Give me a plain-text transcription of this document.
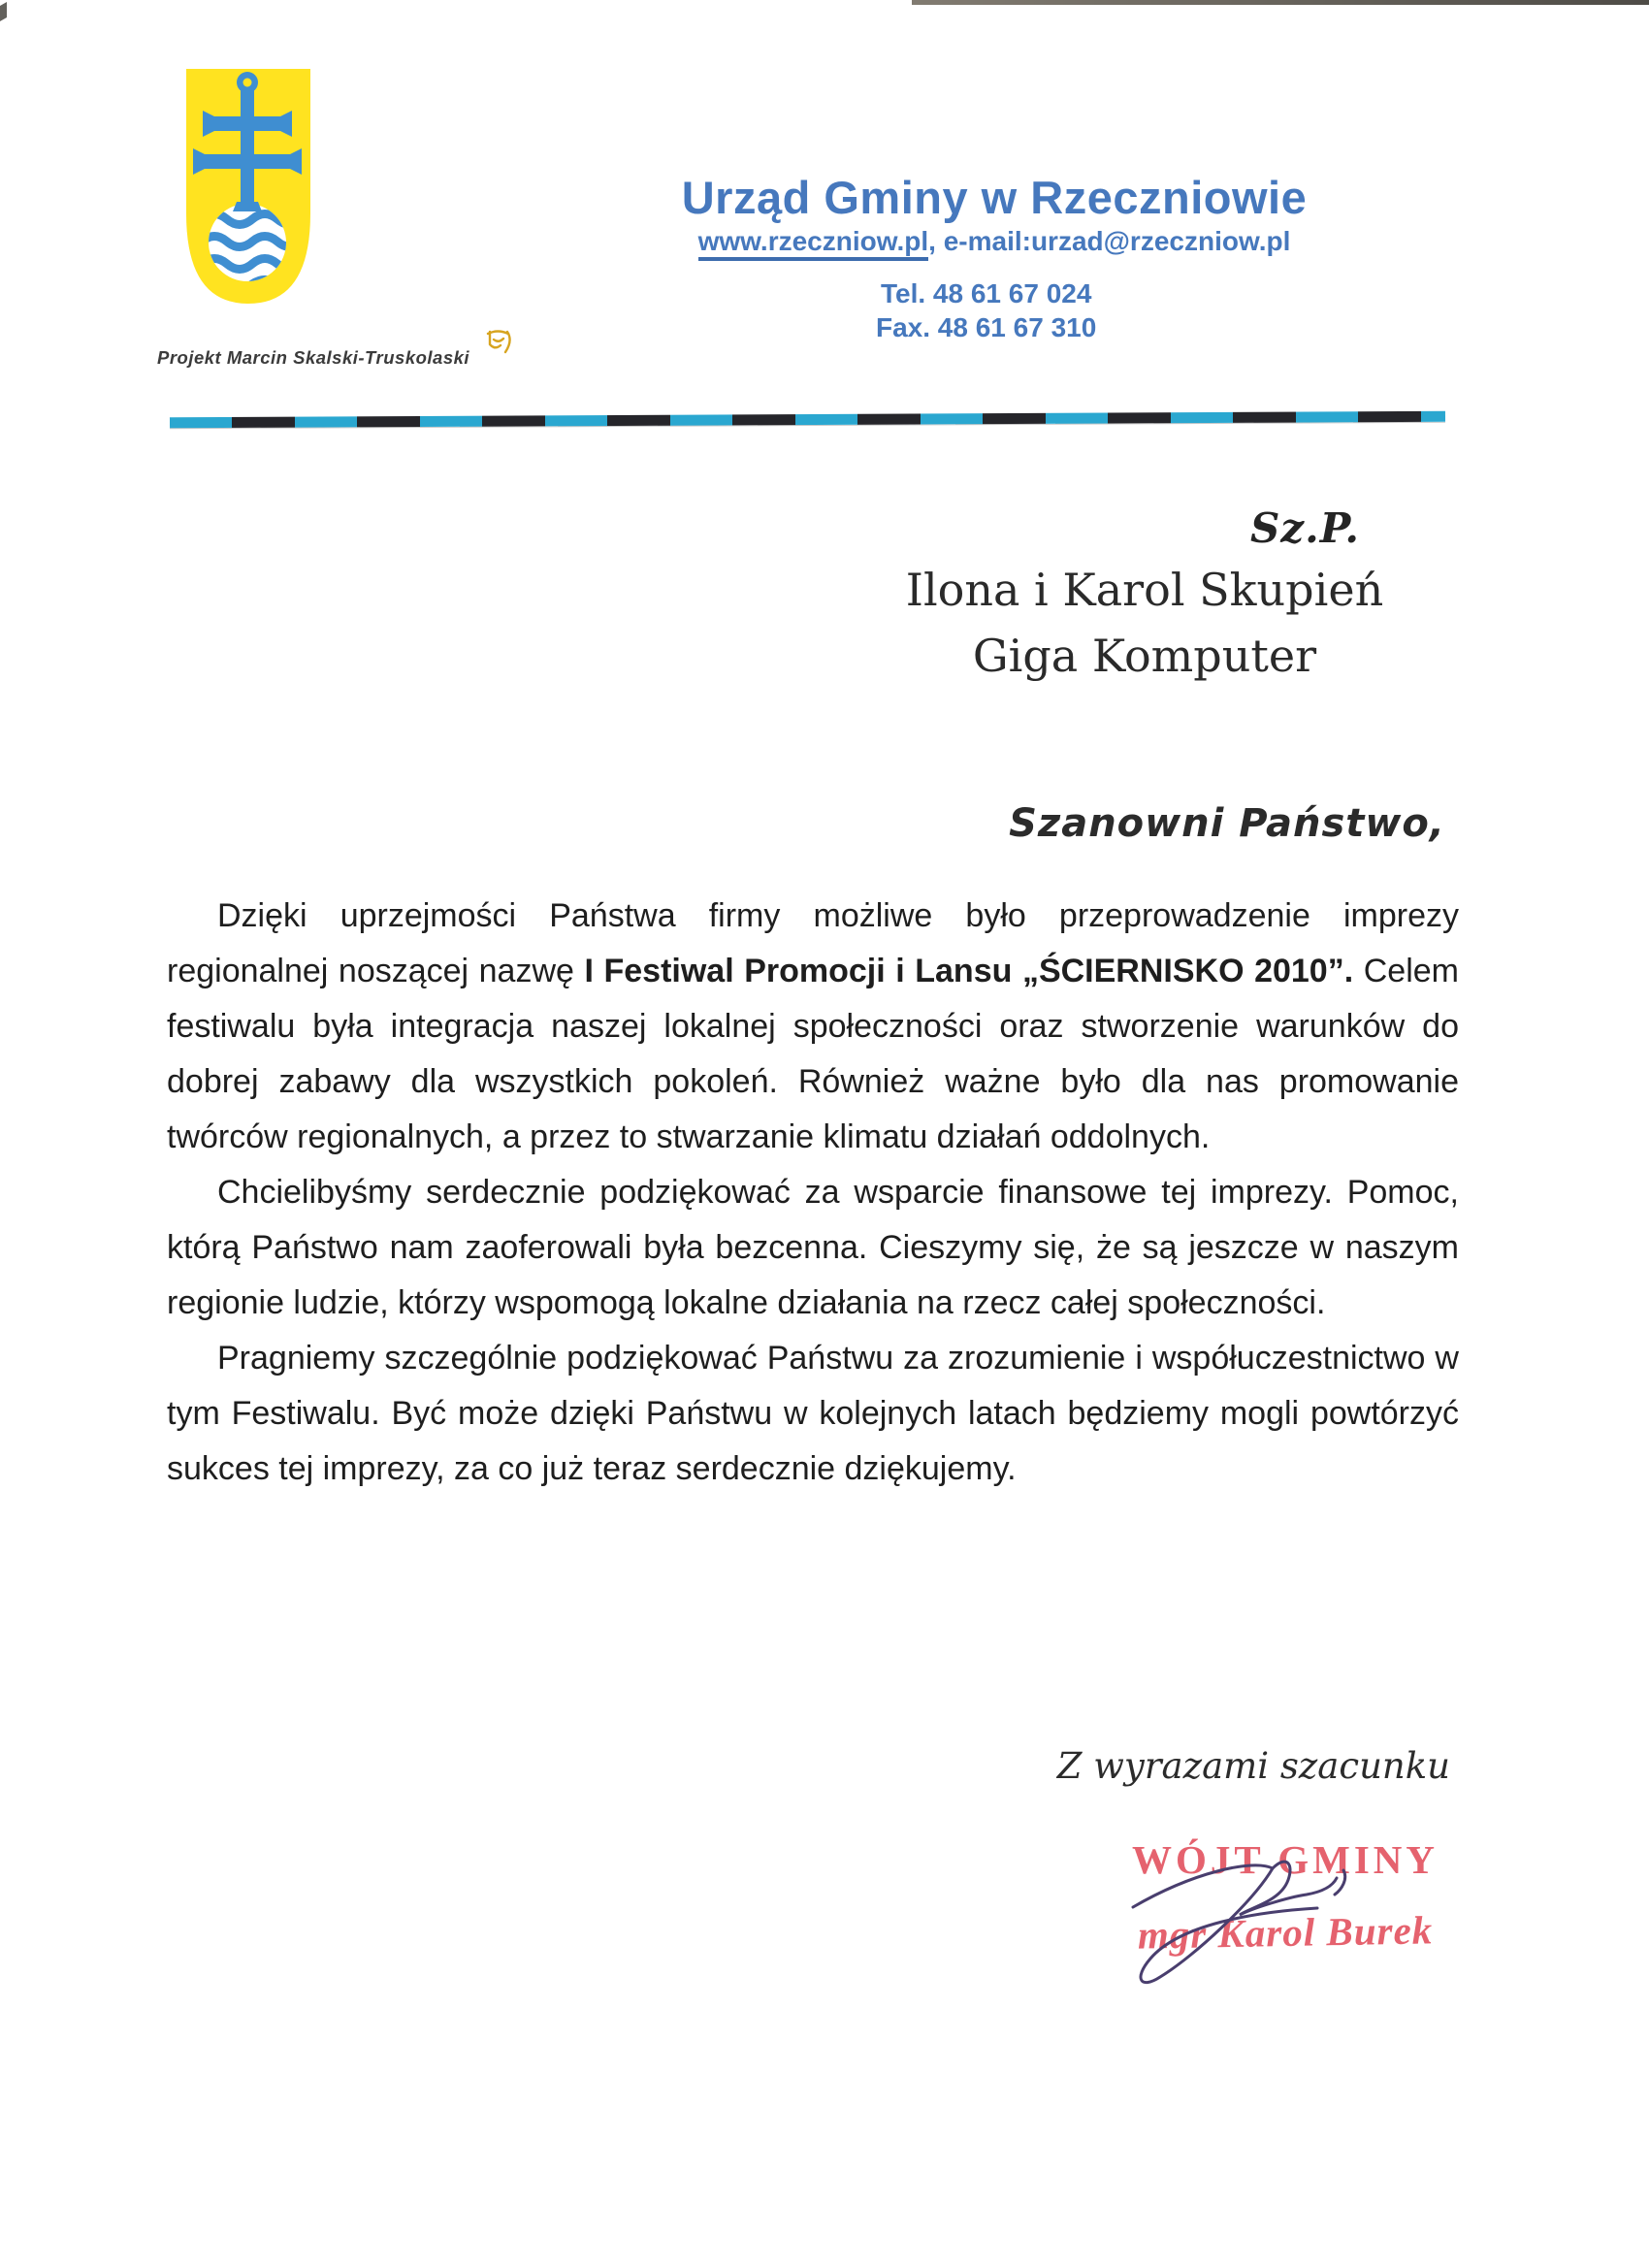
Projekt Marcin Skalski-Truskolaski
Urząd Gminy w Rzeczniowie
www.rzeczniow.pl, e-mail:urzad@rzeczniow.pl
Tel. 48 61 67 024
Fax. 48 61 67 310
Sz.P.
Ilona i Karol Skupień
Giga Komputer
Szanowni Państwo,

Dzięki uprzejmości Państwa firmy możliwe było przeprowadzenie imprezy regionalnej noszącej nazwę I Festiwal Promocji i Lansu „ŚCIERNISKO 2010”. Celem festiwalu była integracja naszej lokalnej społeczności oraz stworzenie warunków do dobrej zabawy dla wszystkich pokoleń. Również ważne było dla nas promowanie twórców regionalnych, a przez to stwarzanie klimatu działań oddolnych.

Chcielibyśmy serdecznie podziękować za wsparcie finansowe tej imprezy. Pomoc, którą Państwo nam zaoferowali była bezcenna. Cieszymy się, że są jeszcze w naszym regionie ludzie, którzy wspomogą lokalne działania na rzecz całej społeczności.

Pragniemy szczególnie podziękować Państwu za zrozumienie i współuczestnictwo w tym Festiwalu. Być może dzięki Państwu w kolejnych latach będziemy mogli powtórzyć sukces tej imprezy, za co już teraz serdecznie dziękujemy.

Z wyrazami szacunku
WÓJT GMINY
mgr Karol Burek
